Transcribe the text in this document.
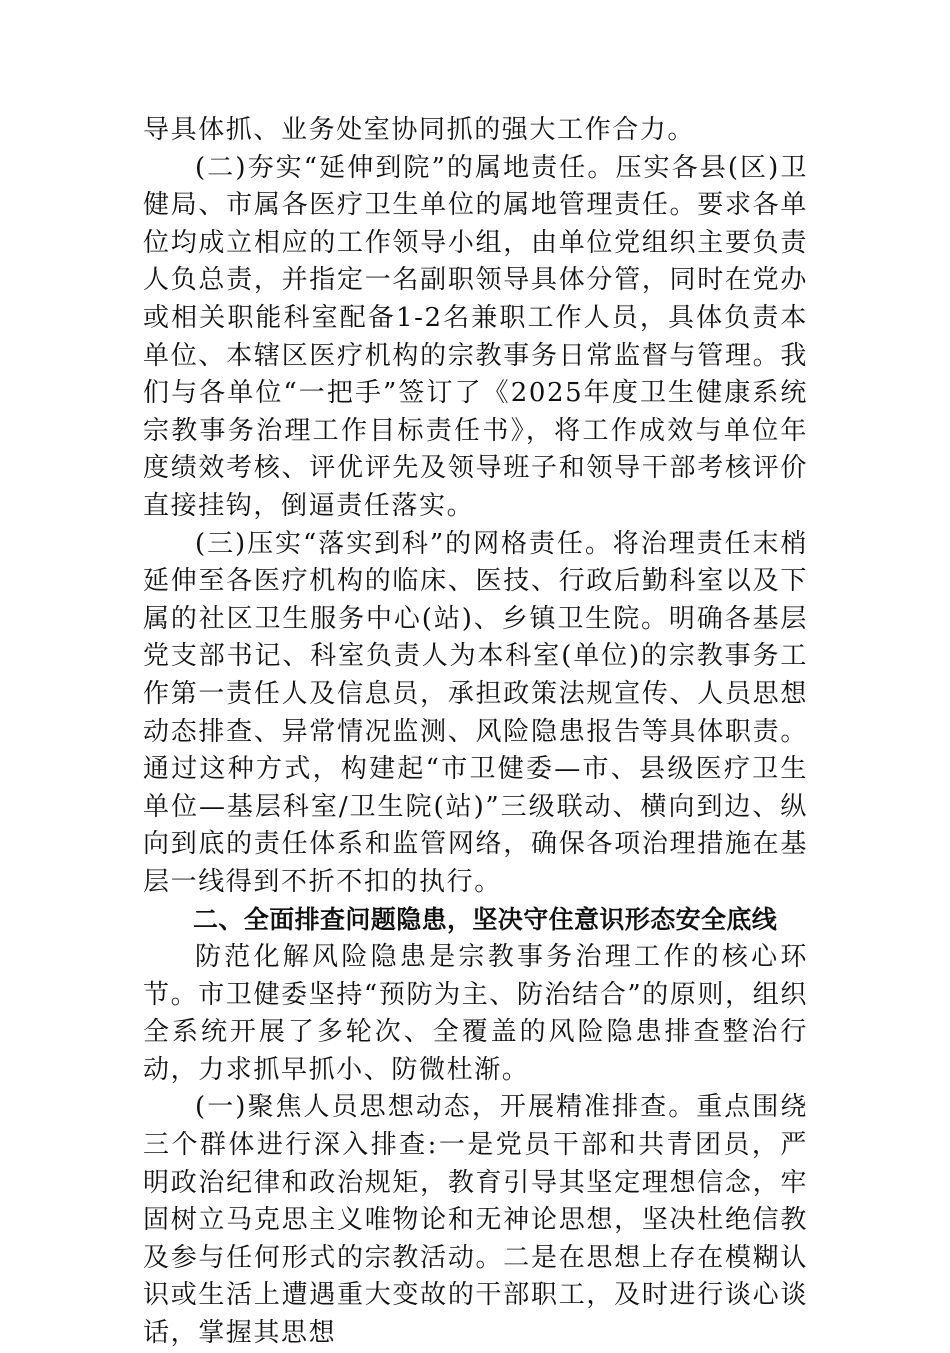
导具体抓、业务处室协同抓的强大工作合力。

(二)夯实“延伸到院”的属地责任。压实各县(区)卫健局、市属各医疗卫生单位的属地管理责任。要求各单位均成立相应的工作领导小组，由单位党组织主要负责人负总责，并指定一名副职领导具体分管，同时在党办或相关职能科室配备1-2名兼职工作人员，具体负责本单位、本辖区医疗机构的宗教事务日常监督与管理。我们与各单位“一把手”签订了《2025年度卫生健康系统宗教事务治理工作目标责任书》，将工作成效与单位年度绩效考核、评优评先及领导班子和领导干部考核评价直接挂钩，倒逼责任落实。

(三)压实“落实到科”的网格责任。将治理责任末梢延伸至各医疗机构的临床、医技、行政后勤科室以及下属的社区卫生服务中心(站)、乡镇卫生院。明确各基层党支部书记、科室负责人为本科室(单位)的宗教事务工作第一责任人及信息员，承担政策法规宣传、人员思想动态排查、异常情况监测、风险隐患报告等具体职责。通过这种方式，构建起“市卫健委—市、县级医疗卫生单位—基层科室/卫生院(站)”三级联动、横向到边、纵向到底的责任体系和监管网络，确保各项治理措施在基层一线得到不折不扣的执行。

二、全面排查问题隐患，坚决守住意识形态安全底线

防范化解风险隐患是宗教事务治理工作的核心环节。市卫健委坚持“预防为主、防治结合”的原则，组织全系统开展了多轮次、全覆盖的风险隐患排查整治行动，力求抓早抓小、防微杜渐。

(一)聚焦人员思想动态，开展精准排查。重点围绕三个群体进行深入排查:一是党员干部和共青团员，严明政治纪律和政治规矩，教育引导其坚定理想信念，牢固树立马克思主义唯物论和无神论思想，坚决杜绝信教及参与任何形式的宗教活动。二是在思想上存在模糊认识或生活上遭遇重大变故的干部职工，及时进行谈心谈话，掌握其思想
